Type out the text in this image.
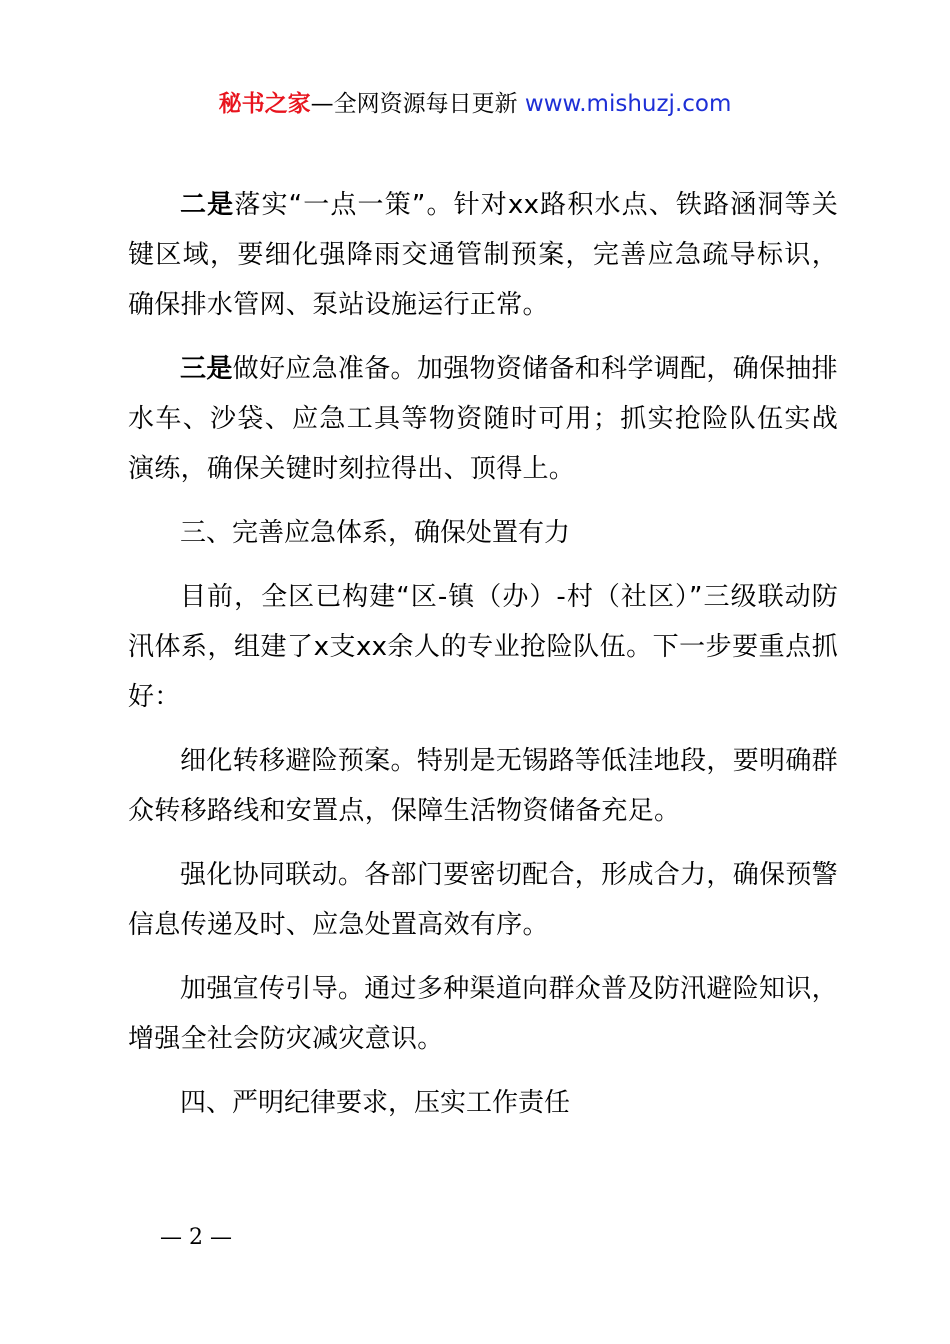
秘书之家—全网资源每日更新 www.mishuzj.com

二是落实“一点一策”。针对xx路积水点、铁路涵洞等关键区域，要细化强降雨交通管制预案，完善应急疏导标识，确保排水管网、泵站设施运行正常。

三是做好应急准备。加强物资储备和科学调配，确保抽排水车、沙袋、应急工具等物资随时可用；抓实抢险队伍实战演练，确保关键时刻拉得出、顶得上。

三、完善应急体系，确保处置有力

目前，全区已构建“区-镇（办）-村（社区）”三级联动防汛体系，组建了x支xx余人的专业抢险队伍。下一步要重点抓好：

细化转移避险预案。特别是无锡路等低洼地段，要明确群众转移路线和安置点，保障生活物资储备充足。

强化协同联动。各部门要密切配合，形成合力，确保预警信息传递及时、应急处置高效有序。

加强宣传引导。通过多种渠道向群众普及防汛避险知识，增强全社会防灾减灾意识。

四、严明纪律要求，压实工作责任

— 2 —
